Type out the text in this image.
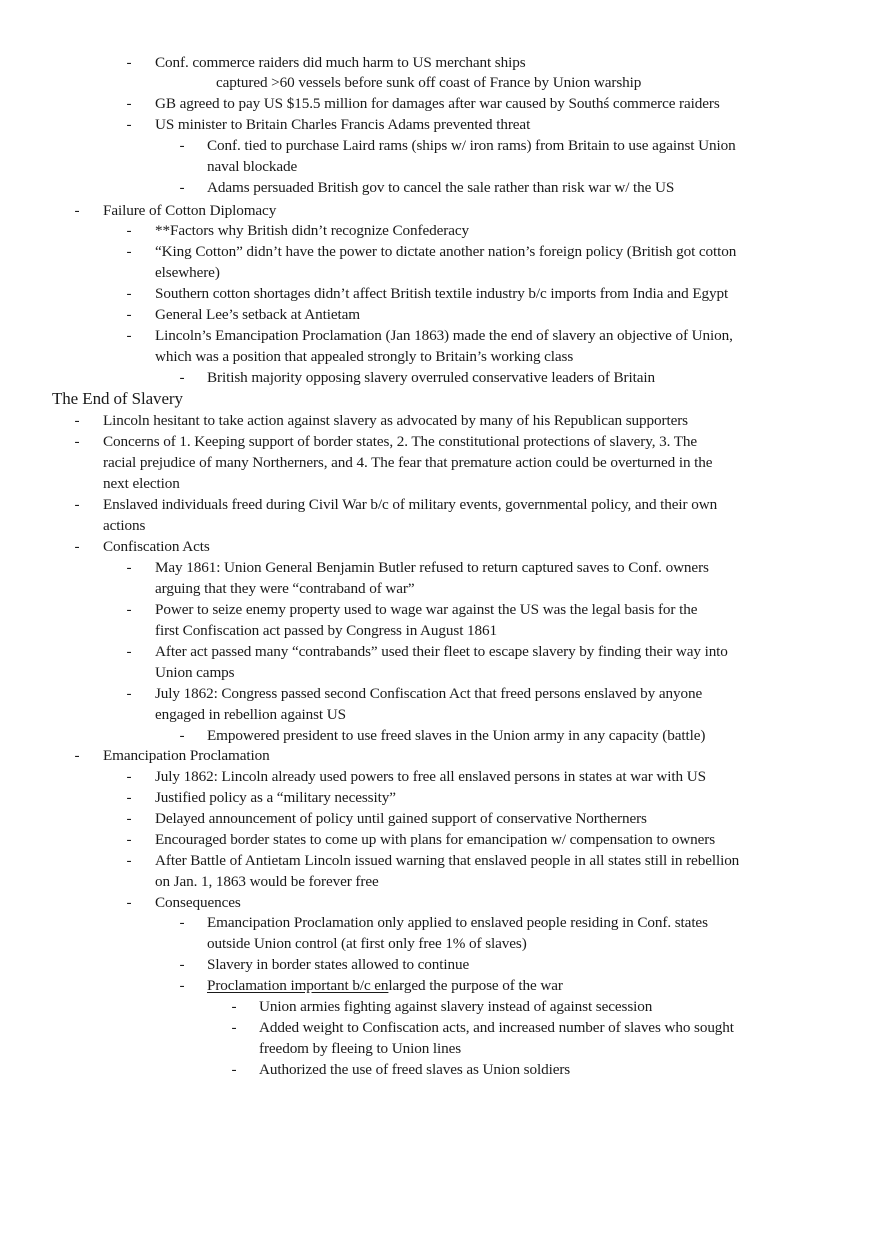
The End of Slavery
- Conf. commerce raiders did much harm to US merchant ships
captured >60 vessels before sunk off coast of France by Union warship
- GB agreed to pay US $15.5 million for damages after war caused by Southś commerce raiders
- US minister to Britain Charles Francis Adams prevented threat
- Conf. tied to purchase Laird rams (ships w/ iron rams) from Britain to use against Union
naval blockade
- Adams persuaded British gov to cancel the sale rather than risk war w/ the US
- Failure of Cotton Diplomacy
- **Factors why British didn’t recognize Confederacy
- “King Cotton” didn’t have the power to dictate another nation’s foreign policy (British got cotton
elsewhere)
- Southern cotton shortages didn’t affect British textile industry b/c imports from India and Egypt
- General Lee’s setback at Antietam
- Lincoln’s Emancipation Proclamation (Jan 1863) made the end of slavery an objective of Union,
which was a position that appealed strongly to Britain’s working class
- British majority opposing slavery overruled conservative leaders of Britain
- Lincoln hesitant to take action against slavery as advocated by many of his Republican supporters
- Concerns of 1. Keeping support of border states, 2. The constitutional protections of slavery, 3. The
racial prejudice of many Northerners, and 4. The fear that premature action could be overturned in the
next election
- Enslaved individuals freed during Civil War b/c of military events, governmental policy, and their own
actions
- Confiscation Acts
- May 1861: Union General Benjamin Butler refused to return captured saves to Conf. owners
arguing that they were “contraband of war”
- Power to seize enemy property used to wage war against the US was the legal basis for the
first Confiscation act passed by Congress in August 1861
- After act passed many “contrabands” used their fleet to escape slavery by finding their way into
Union camps
- July 1862: Congress passed second Confiscation Act that freed persons enslaved by anyone
engaged in rebellion against US
- Empowered president to use freed slaves in the Union army in any capacity (battle)
- Emancipation Proclamation
- July 1862: Lincoln already used powers to free all enslaved persons in states at war with US
- Justified policy as a “military necessity”
- Delayed announcement of policy until gained support of conservative Northerners
- Encouraged border states to come up with plans for emancipation w/ compensation to owners
- After Battle of Antietam Lincoln issued warning that enslaved people in all states still in rebellion
on Jan. 1, 1863 would be forever free
- Consequences
- Emancipation Proclamation only applied to enslaved people residing in Conf. states
outside Union control (at first only free 1% of slaves)
- Slavery in border states allowed to continue
- Proclamation important b/c enlarged the purpose of the war
- Union armies fighting against slavery instead of against secession
- Added weight to Confiscation acts, and increased number of slaves who sought
freedom by fleeing to Union lines
- Authorized the use of freed slaves as Union soldiers
